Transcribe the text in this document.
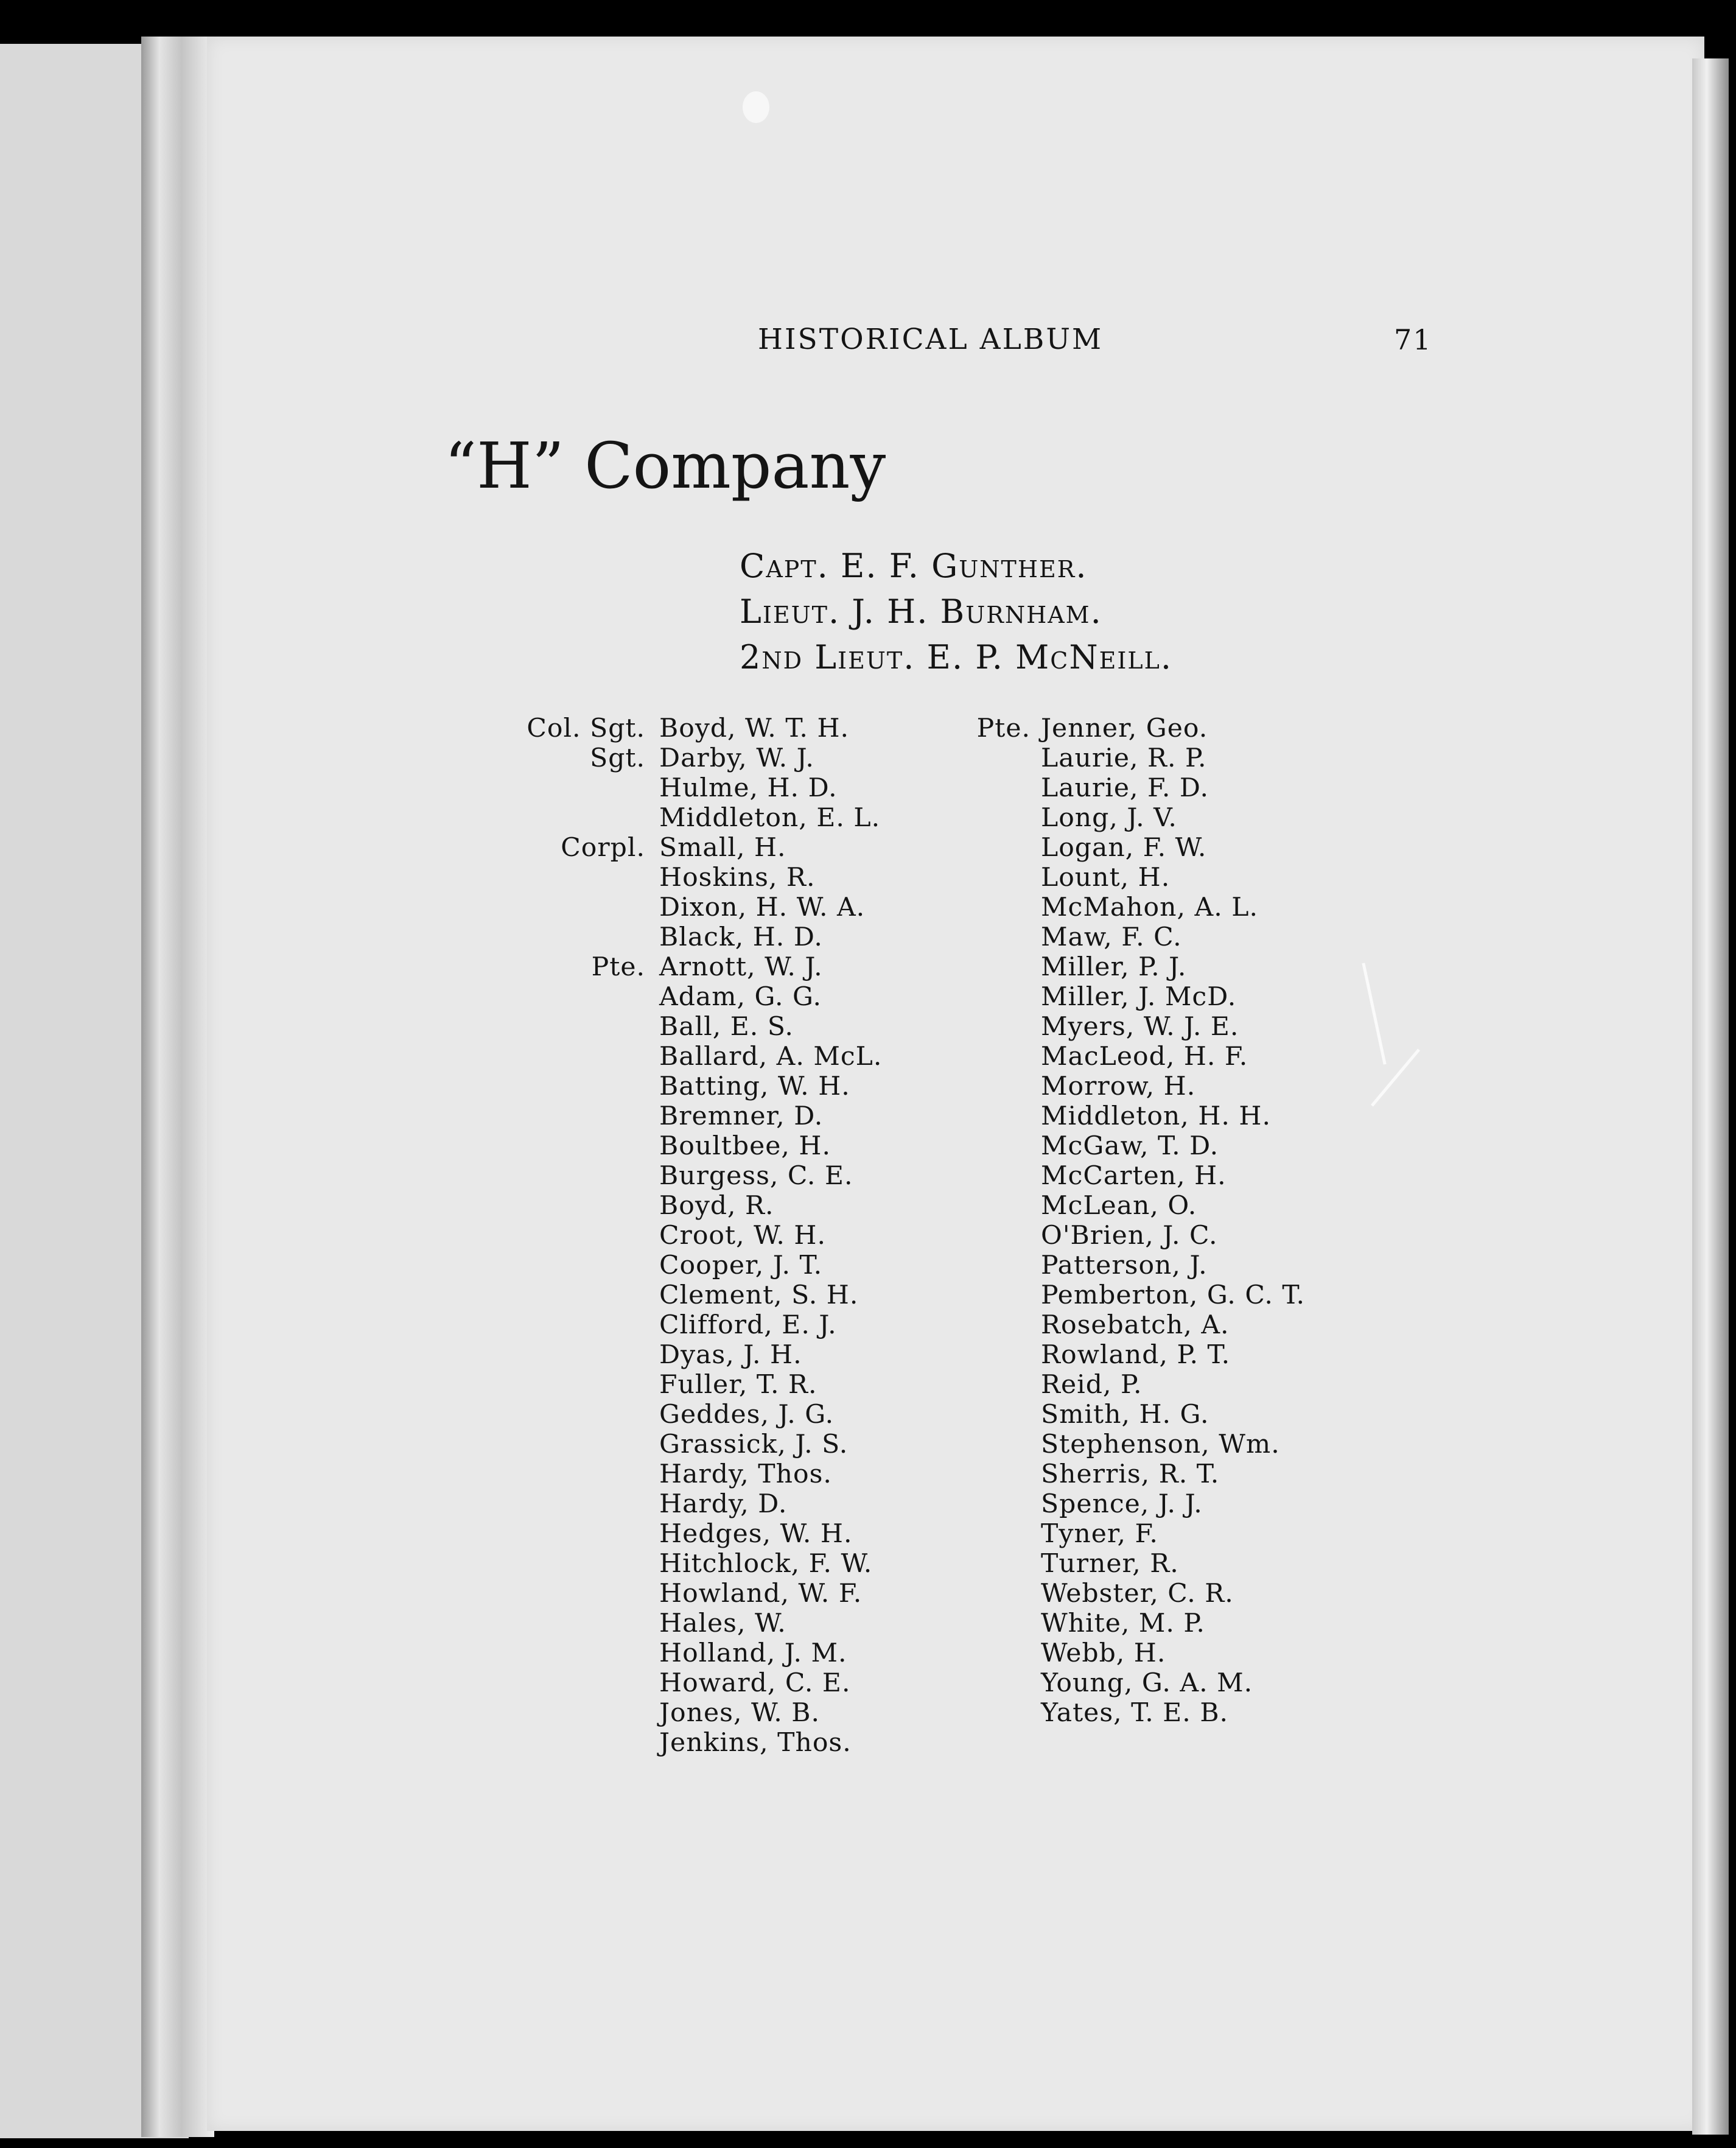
HISTORICAL ALBUM	71
“H” Company
Capt. E. F. Gunther.
Lieut. J. H. Burnham.
2nd Lieut. E. P. McNeill.
Col. Sgt. Boyd, W. T. H.
Sgt. Darby, W. J.
Hulme, H. D.
Middleton, E. L.
Corpl. Small, H.
Hoskins, R.
Dixon, H. W. A.
Black, H. D.
Pte. Arnott, W. J.
Adam, G. G.
Ball, E. S.
Ballard, A. McL.
Batting, W. H.
Bremner, D.
Boultbee, H.
Burgess, C. E.
Boyd, R.
Croot, W. H.
Cooper, J. T.
Clement, S. H.
Clifford, E. J.
Dyas, J. H.
Fuller, T. R.
Geddes, J. G.
Grassick, J. S.
Hardy, Thos.
Hardy, D.
Hedges, W. H.
Hitchlock, F. W.
Howland, W. F.
Hales, W.
Holland, J. M.
Howard, C. E.
Jones, W. B.
Jenkins, Thos.
Pte. Jenner, Geo.
Laurie, R. P.
Laurie, F. D.
Long, J. V.
Logan, F. W.
Lount, H.
McMahon, A. L.
Maw, F. C.
Miller, P. J.
Miller, J. McD.
Myers, W. J. E.
MacLeod, H. F.
Morrow, H.
Middleton, H. H.
McGaw, T. D.
McCarten, H.
McLean, O.
O'Brien, J. C.
Patterson, J.
Pemberton, G. C. T.
Rosebatch, A.
Rowland, P. T.
Reid, P.
Smith, H. G.
Stephenson, Wm.
Sherris, R. T.
Spence, J. J.
Tyner, F.
Turner, R.
Webster, C. R.
White, M. P.
Webb, H.
Young, G. A. M.
Yates, T. E. B.
